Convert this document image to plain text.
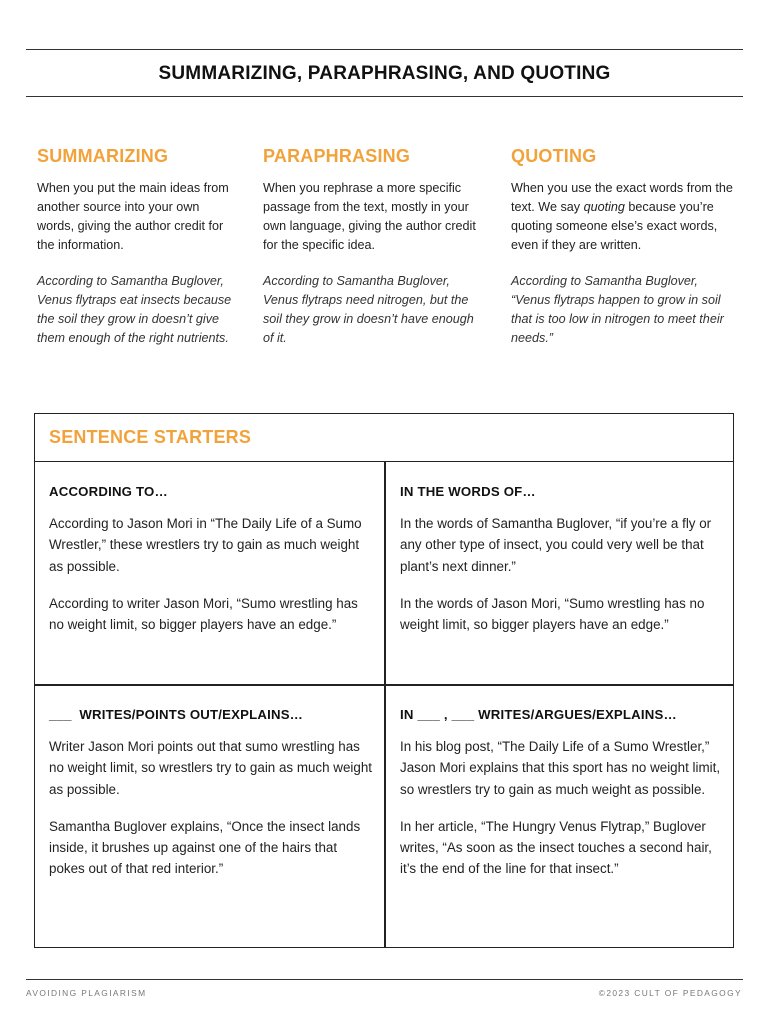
SUMMARIZING, PARAPHRASING, AND QUOTING
SUMMARIZING

When you put the main ideas from another source into your own words, giving the author credit for the information.

According to Samantha Buglover, Venus flytraps eat insects because the soil they grow in doesn’t give them enough of the right nutrients.

PARAPHRASING

When you rephrase a more specific passage from the text, mostly in your own language, giving the author credit for the specific idea.

According to Samantha Buglover, Venus flytraps need nitrogen, but the soil they grow in doesn’t have enough of it.

QUOTING

When you use the exact words from the text. We say quoting because you’re quoting someone else’s exact words, even if they are written.

According to Samantha Buglover, “Venus flytraps happen to grow in soil that is too low in nitrogen to meet their needs.”

SENTENCE STARTERS
ACCORDING TO…

According to Jason Mori in “The Daily Life of a Sumo Wrestler,” these wrestlers try to gain as much weight as possible.

According to writer Jason Mori, “Sumo wrestling has no weight limit, so bigger players have an edge.”

IN THE WORDS OF…

In the words of Samantha Buglover, “if you’re a fly or any other type of insect, you could very well be that plant’s next dinner.”

In the words of Jason Mori, “Sumo wrestling has no weight limit, so bigger players have an edge.”

___  WRITES/POINTS OUT/EXPLAINS…

Writer Jason Mori points out that sumo wrestling has no weight limit, so wrestlers try to gain as much weight as possible.

Samantha Buglover explains, “Once the insect lands inside, it brushes up against one of the hairs that pokes out of that red interior.”

IN ___ , ___ WRITES/ARGUES/EXPLAINS…

In his blog post, “The Daily Life of a Sumo Wrestler,” Jason Mori explains that this sport has no weight limit, so wrestlers try to gain as much weight as possible.

In her article, “The Hungry Venus Flytrap,” Buglover writes, “As soon as the insect touches a second hair, it’s the end of the line for that insect.”

AVOIDING PLAGIARISM	©2023 CULT OF PEDAGOGY
